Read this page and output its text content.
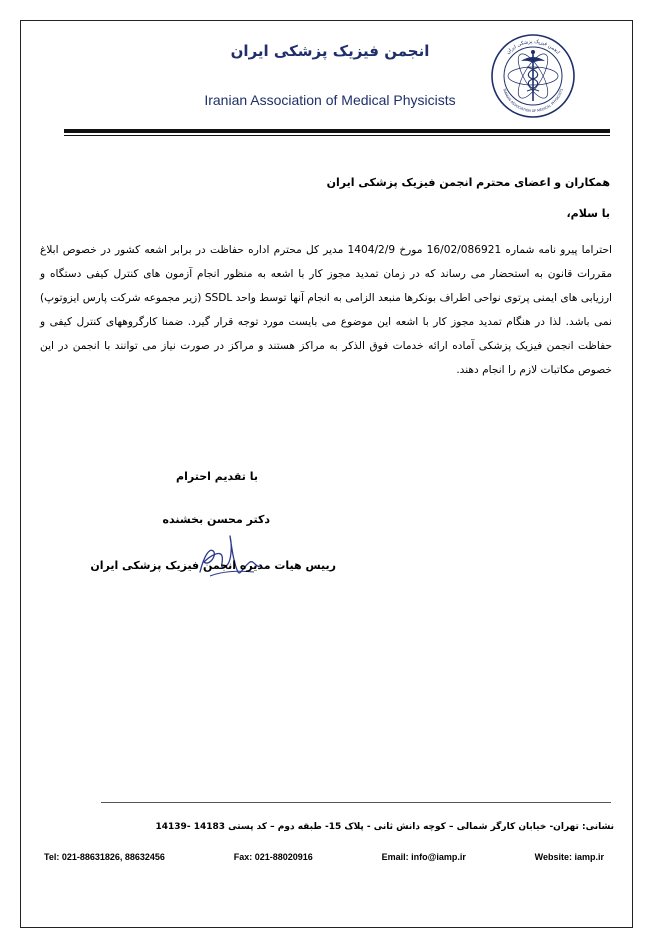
انجمن فیزیک پزشکی ایران
Iranian Association of Medical Physicists
انجمن فیزیک پزشکی ایران
IRANIAN ASSOCIATION OF MEDICAL PHYSICISTS
همکاران و اعضای محترم انجمن فیزیک پزشکی ایران
با سلام،
احتراما پیرو نامه شماره 16/02/086921 مورخ 1404/2/9 مدیر کل محترم اداره حفاظت در برابر اشعه کشور در خصوص ابلاغ مقررات قانون به استحضار می رساند که در زمان تمدید مجوز کار با اشعه به منظور انجام آزمون های کنترل کیفی دستگاه و ارزیابی های ایمنی پرتوی نواحی اطراف بونکرها منبعد الزامی به انجام آنها توسط واحد SSDL (زیر مجموعه شرکت پارس ایزوتوپ) نمی باشد. لذا در هنگام تمدید مجوز کار با اشعه این موضوع می بایست مورد توجه قرار گیرد. ضمنا کارگروههای کنترل کیفی و حفاظت انجمن فیزیک پزشکی آماده ارائه خدمات فوق الذکر به مراکز هستند و مراکز در صورت نیاز می توانند با انجمن در این خصوص مکاتبات لازم را انجام دهند.
با تقدیم احترام
دکتر محسن بخشنده
رییس هیات مدیره انجمن فیزیک پزشکی ایران
نشانی: تهران- خیابان کارگر شمالی – کوچه دانش ثانی - پلاک 15- طبقه دوم – کد پستی 14183 -14139
Tel: 021-88631826, 88632456	Fax: 021-88020916	Email: info@iamp.ir	Website: iamp.ir
